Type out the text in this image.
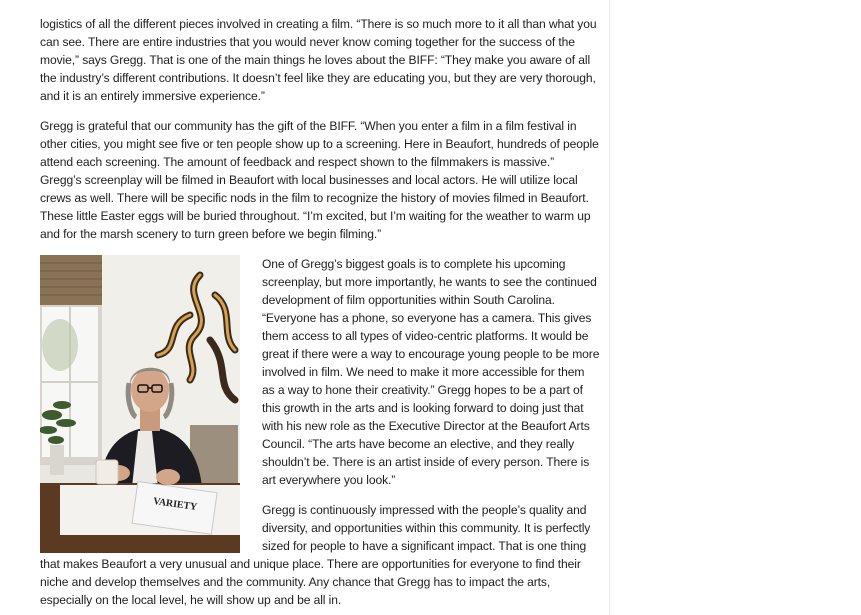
logistics of all the different pieces involved in creating a film. “There is so much more to it all than what you can see. There are entire industries that you would never know coming together for the success of the movie,” says Gregg. That is one of the main things he loves about the BIFF: “They make you aware of all the industry’s different contributions. It doesn’t feel like they are educating you, but they are very thorough, and it is an entirely immersive experience.”

Gregg is grateful that our community has the gift of the BIFF. “When you enter a film in a film festival in other cities, you might see five or ten people show up to a screening. Here in Beaufort, hundreds of people attend each screening. The amount of feedback and respect shown to the filmmakers is massive.”

Gregg’s screenplay will be filmed in Beaufort with local businesses and local actors. He will utilize local crews as well. There will be specific nods in the film to recognize the history of movies filmed in Beaufort. These little Easter eggs will be buried throughout. “I’m excited, but I’m waiting for the weather to warm up and for the marsh scenery to turn green before we begin filming.”

VARIETY

One of Gregg’s biggest goals is to complete his upcoming screenplay, but more importantly, he wants to see the continued development of film opportunities within South Carolina. “Everyone has a phone, so everyone has a camera. This gives them access to all types of video-centric platforms. It would be great if there were a way to encourage young people to be more involved in film. We need to make it more accessible for them as a way to hone their creativity.” Gregg hopes to be a part of this growth in the arts and is looking forward to doing just that with his new role as the Executive Director at the Beaufort Arts Council. “The arts have become an elective, and they really shouldn’t be. There is an artist inside of every person. There is art everywhere you look.”

Gregg is continuously impressed with the people’s quality and diversity, and opportunities within this community. It is perfectly sized for people to have a significant impact. That is one thing that makes Beaufort a very unusual and unique place. There are opportunities for everyone to find their niche and develop themselves and the community. Any chance that Gregg has to impact the arts, especially on the local level, he will show up and be all in.
